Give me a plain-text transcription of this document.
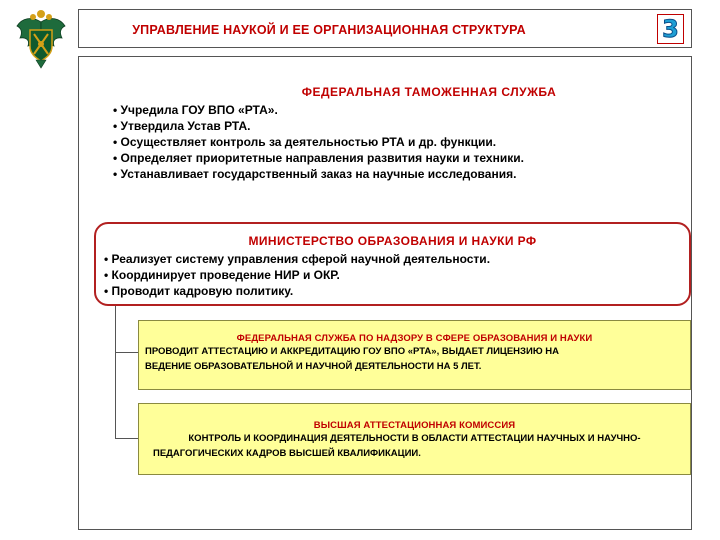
УПРАВЛЕНИЕ НАУКОЙ И ЕЕ ОРГАНИЗАЦИОННАЯ СТРУКТУРА	3
ФЕДЕРАЛЬНАЯ ТАМОЖЕННАЯ СЛУЖБА
• Учредила ГОУ ВПО «РТА».
• Утвердила Устав РТА.
• Осуществляет контроль за деятельностью РТА и др. функции.
• Определяет приоритетные направления развития науки и техники.
• Устанавливает государственный заказ на научные исследования.
МИНИСТЕРСТВО ОБРАЗОВАНИЯ И НАУКИ РФ
• Реализует систему управления сферой научной деятельности.
• Координирует проведение НИР и ОКР.
• Проводит кадровую политику.
ФЕДЕРАЛЬНАЯ СЛУЖБА ПО НАДЗОРУ В СФЕРЕ ОБРАЗОВАНИЯ И НАУКИ
ПРОВОДИТ АТТЕСТАЦИЮ И АККРЕДИТАЦИЮ ГОУ ВПО «РТА», ВЫДАЕТ ЛИЦЕНЗИЮ НА
ВЕДЕНИЕ ОБРАЗОВАТЕЛЬНОЙ И НАУЧНОЙ ДЕЯТЕЛЬНОСТИ НА 5 ЛЕТ.
ВЫСШАЯ АТТЕСТАЦИОННАЯ КОМИССИЯ
КОНТРОЛЬ И КООРДИНАЦИЯ ДЕЯТЕЛЬНОСТИ В ОБЛАСТИ АТТЕСТАЦИИ НАУЧНЫХ И НАУЧНО-
ПЕДАГОГИЧЕСКИХ КАДРОВ ВЫСШЕЙ КВАЛИФИКАЦИИ.
